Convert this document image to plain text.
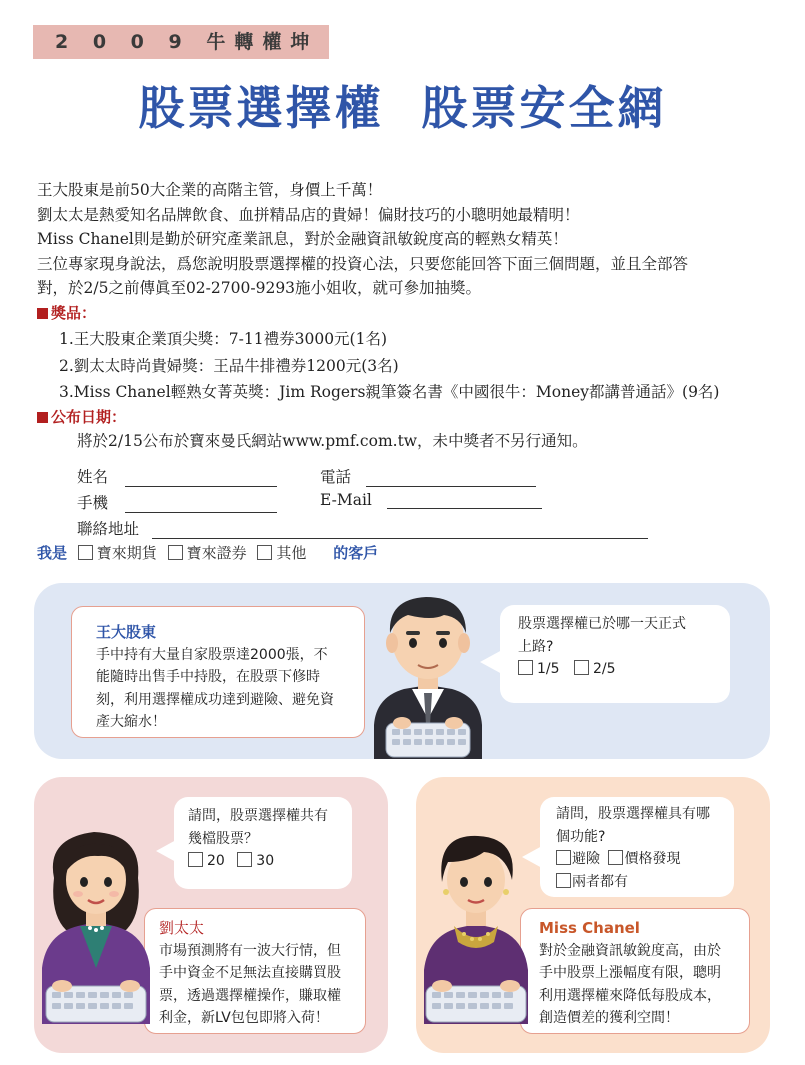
2 0 0 9 牛轉權坤
股票選擇權  股票安全網
王大股東是前50大企業的高階主管，身價上千萬！
劉太太是熱愛知名品牌飲食、血拼精品店的貴婦！偏財技巧的小聰明她最精明！
Miss Chanel則是勤於研究產業訊息，對於金融資訊敏銳度高的輕熟女精英！
三位專家現身說法，爲您說明股票選擇權的投資心法，只要您能回答下面三個問題，並且全部答
對，於2/5之前傳眞至02-2700-9293施小姐收，就可參加抽獎。
獎品：
1.王大股東企業頂尖獎：7-11禮券3000元(1名)
2.劉太太時尚貴婦獎：王品牛排禮券1200元(3名)
3.Miss Chanel輕熟女菁英獎：Jim Rogers親筆簽名書《中國很牛：Money都講普通話》(9名)
公布日期：
將於2/15公布於寶來曼氏網站www.pmf.com.tw，未中獎者不另行通知。
姓名	電話
手機	E-Mail
聯絡地址
我是 寶來期貨 寶來證券 其他 的客戶
王大股東
手中持有大量自家股票達2000張，不
能隨時出售手中持股，在股票下修時
刻，利用選擇權成功達到避險、避免資
產大縮水！
股票選擇權已於哪一天正式
上路?
1/5 2/5
請問，股票選擇權共有
幾檔股票？
20 30
劉太太
市場預測將有一波大行情，但
手中資金不足無法直接購買股
票，透過選擇權操作，賺取權
利金，新LV包包即將入荷！
請問，股票選擇權具有哪
個功能?
避險 價格發現
兩者都有
Miss Chanel
對於金融資訊敏銳度高，由於
手中股票上漲幅度有限，聰明
利用選擇權來降低每股成本，
創造價差的獲利空間！
